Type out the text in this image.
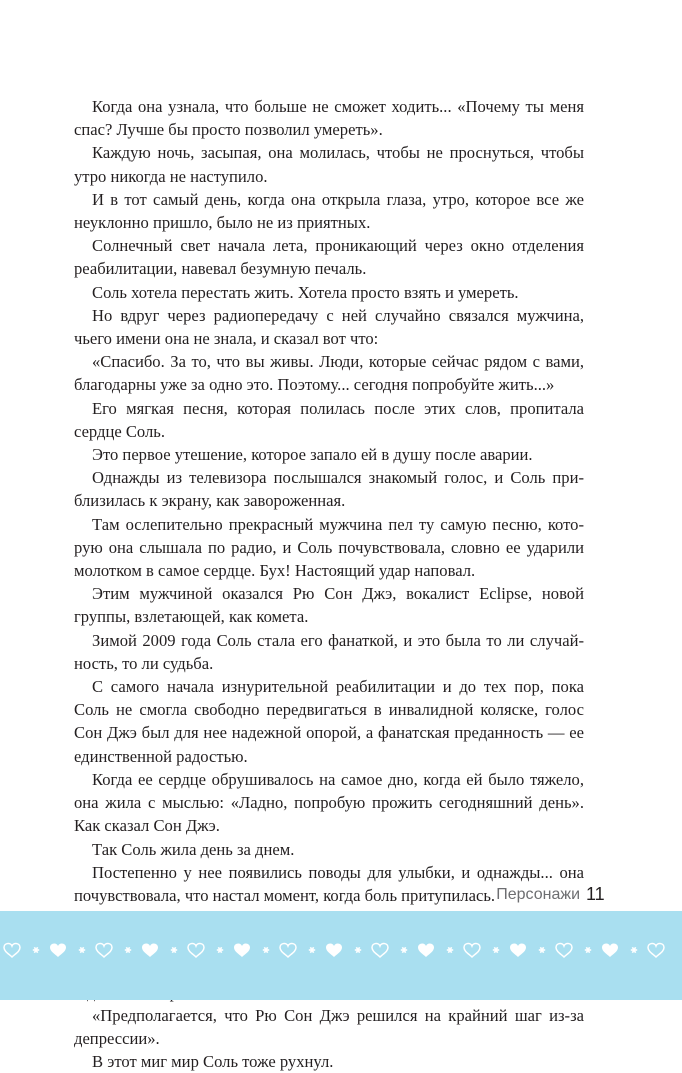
Когда она узнала, что больше не сможет ходить... «Почему ты меня спас? Лучше бы просто позволил умереть».

Каждую ночь, засыпая, она молилась, чтобы не проснуться, чтобы утро никогда не наступило.

И в тот самый день, когда она открыла глаза, утро, которое все же неуклонно пришло, было не из приятных.

Солнечный свет начала лета, проникающий через окно отделения реабилитации, навевал безумную печаль.

Соль хотела перестать жить. Хотела просто взять и умереть.

Но вдруг через радиопередачу с ней случайно связался мужчина, чьего имени она не знала, и сказал вот что:

«Спасибо. За то, что вы живы. Люди, которые сейчас рядом с вами, благодарны уже за одно это. Поэтому... сегодня попробуйте жить...»

Его мягкая песня, которая полилась после этих слов, пропитала сердце Соль.

Это первое утешение, которое запало ей в душу после аварии.

Однажды из телевизора послышался знакомый голос, и Соль приблизилась к экрану, как завороженная.

Там ослепительно прекрасный мужчина пел ту самую песню, которую она слышала по радио, и Соль почувствовала, словно ее ударили молотком в самое сердце. Бух! Настоящий удар наповал.

Этим мужчиной оказался Рю Сон Джэ, вокалист Eclipse, новой группы, взлетающей, как комета.

Зимой 2009 года Соль стала его фанаткой, и это была то ли случайность, то ли судьба.

С самого начала изнурительной реабилитации и до тех пор, пока Соль не смогла свободно передвигаться в инвалидной коляске, голос Сон Джэ был для нее надежной опорой, а фанатская преданность — ее единственной радостью.

Когда ее сердце обрушивалось на самое дно, когда ей было тяжело, она жила с мыслью: «Ладно, попробую прожить сегодняшний день». Как сказал Сон Джэ.

Так Соль жила день за днем.

Постепенно у нее появились поводы для улыбки, и однажды... она почувствовала, что настал момент, когда боль притупилась.

«Предполагается, что Рю Сон Джэ решился на крайний шаг из-за депрессии».

В этот миг мир Соль тоже рухнул.

Персонажи 11
